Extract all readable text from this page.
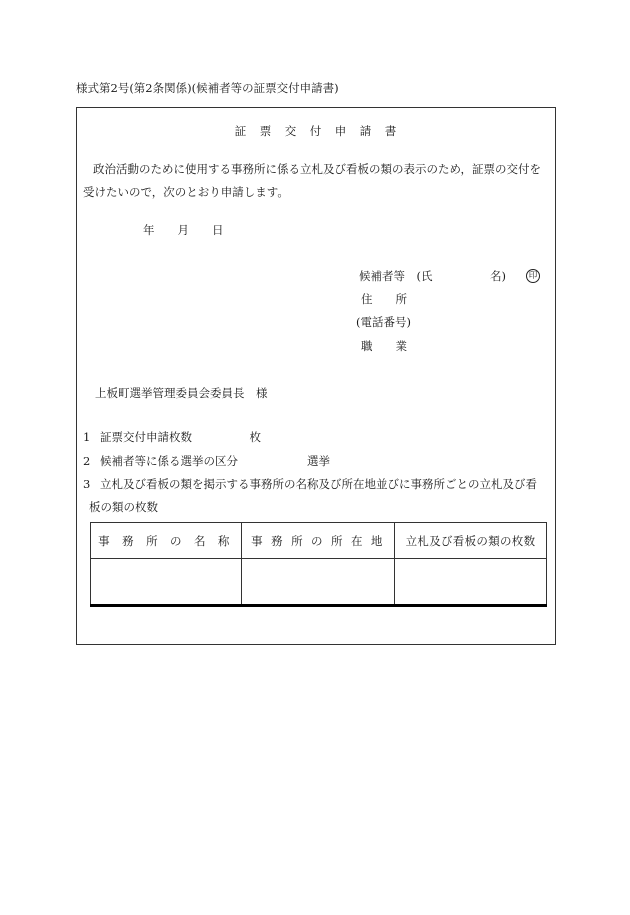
様式第2号(第2条関係)(候補者等の証票交付申請書)
証　票　交　付　申　請　書
政治活動のために使用する事務所に係る立札及び看板の類の表示のため，証票の交付を
受けたいので，次のとおり申請します。
年　　月　　日
候補者等　(氏　　　　　名)	印
住　　所
(電話番号)
職　　業
上板町選挙管理委員会委員長　様
1 証票交付申請枚数　　　　　枚
2 候補者等に係る選挙の区分　　　　　　選挙
3 立札及び看板の類を掲示する事務所の名称及び所在地並びに事務所ごとの立札及び看
板の類の枚数
事 務 所 の 名 称	事 務 所 の 所 在 地	立札及び看板の類の枚数
